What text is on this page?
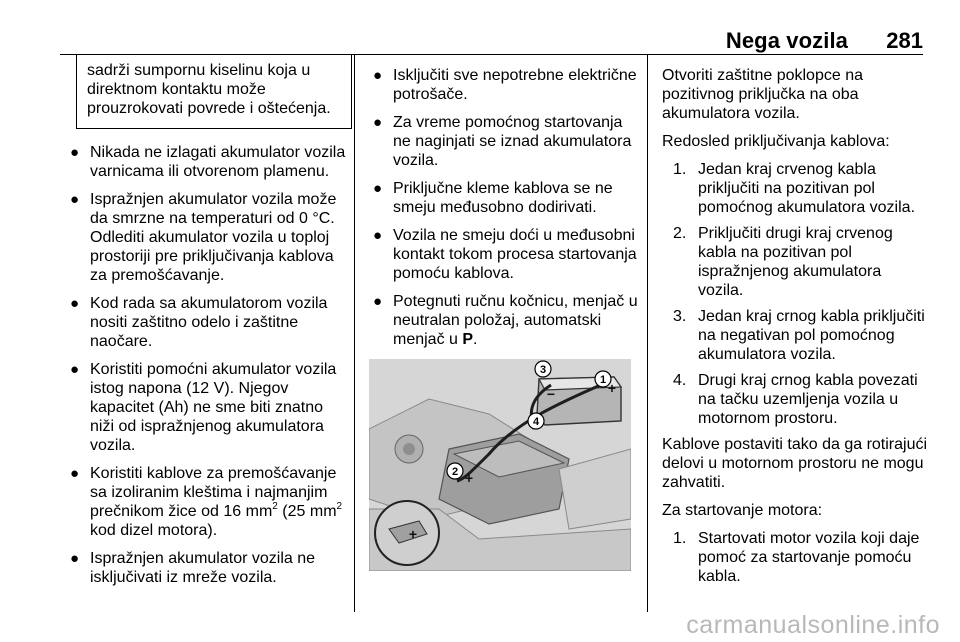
Nega vozila 281
sadrži sumpornu kiselinu koja u direktnom kontaktu može prouzrokovati povrede i oštećenja.
● Nikada ne izlagati akumulator vozila varnicama ili otvorenom plamenu.
● Ispražnjen akumulator vozila može da smrzne na temperaturi od 0 °C. Odlediti akumulator vozila u toploj prostoriji pre priključivanja kablova za premošćavanje.
● Kod rada sa akumulatorom vozila nositi zaštitno odelo i zaštitne naočare.
● Koristiti pomoćni akumulator vozila istog napona (12 V). Njegov kapacitet (Ah) ne sme biti znatno niži od ispražnjenog akumulatora vozila.
● Koristiti kablove za premošćavanje sa izoliranim kleštima i najmanjim prečnikom žice od 16 $mm^2$ (25 $mm^2$ kod dizel motora).
● Ispražnjen akumulator vozila ne isključivati iz mreže vozila.
● Isključiti sve nepotrebne električne potrošače.
● Za vreme pomoćnog startovanja ne naginjati se iznad akumulatora vozila.
● Priključne kleme kablova se ne smeju međusobno dodirivati.
● Vozila ne smeju doći u međusobni kontakt tokom procesa startovanja pomoću kablova.
● Potegnuti ručnu kočnicu, menjač u neutralan položaj, automatski menjač u P.
1
3
4
2
+
−
+
+
Otvoriti zaštitne poklopce na pozitivnog priključka na oba akumulatora vozila.
Redosled priključivanja kablova:
1. Jedan kraj crvenog kabla priključiti na pozitivan pol pomoćnog akumulatora vozila.
2. Priključiti drugi kraj crvenog kabla na pozitivan pol ispražnjenog akumulatora vozila.
3. Jedan kraj crnog kabla priključiti na negativan pol pomoćnog akumulatora vozila.
4. Drugi kraj crnog kabla povezati na tačku uzemljenja vozila u motornom prostoru.
Kablove postaviti tako da ga rotirajući delovi u motornom prostoru ne mogu zahvatiti.
Za startovanje motora:
1. Startovati motor vozila koji daje pomoć za startovanje pomoću kabla.
carmanualsonline.info
